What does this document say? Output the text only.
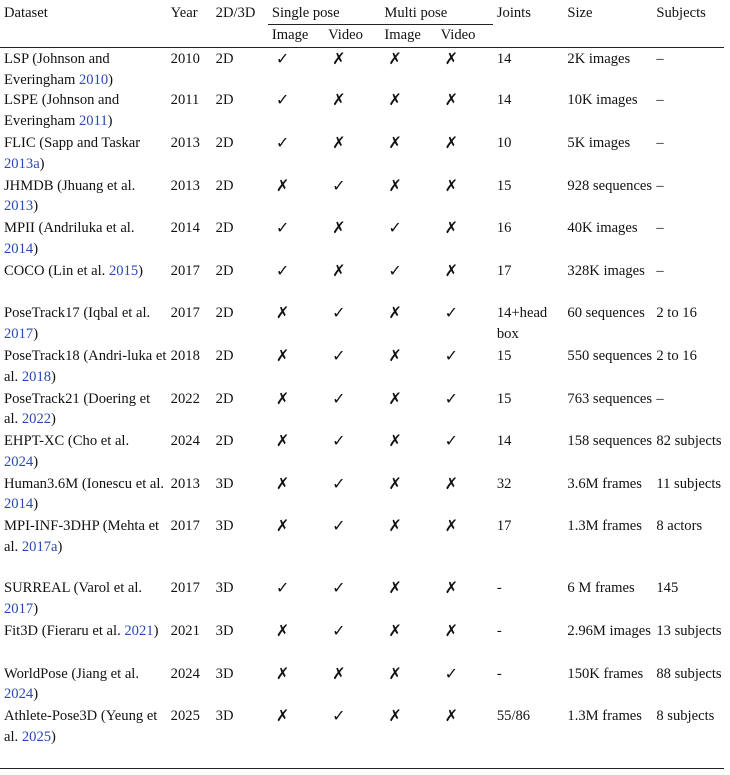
Dataset	Year	2D/3D	Single pose		Multi pose		Joints	Size	Subjects
			Image	Video	Image	Video			
LSP (Johnson and Everingham 2010)	2010	2D	✓	✗	✗	✗	14	2K images	–
LSPE (Johnson and Everingham 2011)	2011	2D	✓	✗	✗	✗	14	10K images	–
FLIC (Sapp and Taskar 2013a)	2013	2D	✓	✗	✗	✗	10	5K images	–
JHMDB (Jhuang et al. 2013)	2013	2D	✗	✓	✗	✗	15	928 sequences	–
MPII (Andriluka et al. 2014)	2014	2D	✓	✗	✓	✗	16	40K images	–
COCO (Lin et al. 2015)	2017	2D	✓	✗	✓	✗	17	328K images	–
PoseTrack17 (Iqbal et al. 2017)	2017	2D	✗	✓	✗	✓	14+head box	60 sequences	2 to 16
PoseTrack18 (Andri-luka et al. 2018)	2018	2D	✗	✓	✗	✓	15	550 sequences	2 to 16
PoseTrack21 (Doering et al. 2022)	2022	2D	✗	✓	✗	✓	15	763 sequences	–
EHPT-XC (Cho et al. 2024)	2024	2D	✗	✓	✗	✓	14	158 sequences	82 subjects
Human3.6M (Ionescu et al. 2014)	2013	3D	✗	✓	✗	✗	32	3.6M frames	11 subjects
MPI-INF-3DHP (Mehta et al. 2017a)	2017	3D	✗	✓	✗	✗	17	1.3M frames	8 actors
SURREAL (Varol et al. 2017)	2017	3D	✓	✓	✗	✗	-	6 M frames	145
Fit3D (Fieraru et al. 2021)	2021	3D	✗	✓	✗	✗	-	2.96M images	13 subjects
WorldPose (Jiang et al. 2024)	2024	3D	✗	✗	✗	✓	-	150K frames	88 subjects
Athlete-Pose3D (Yeung et al. 2025)	2025	3D	✗	✓	✗	✗	55/86	1.3M frames	8 subjects
